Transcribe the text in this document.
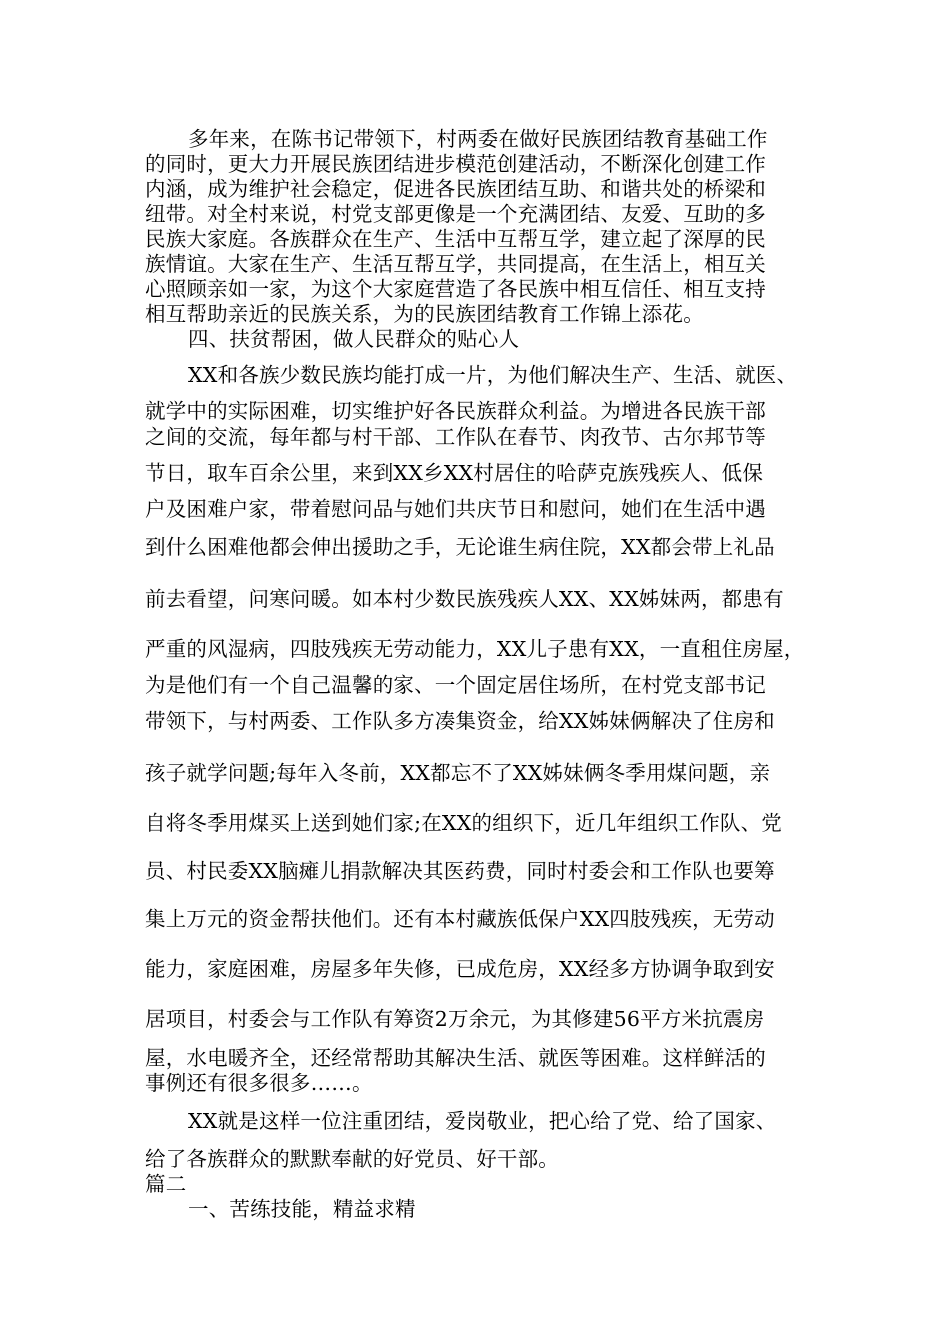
多年来，在陈书记带领下，村两委在做好民族团结教育基础工作
的同时，更大力开展民族团结进步模范创建活动，不断深化创建工作
内涵，成为维护社会稳定，促进各民族团结互助、和谐共处的桥梁和
纽带。对全村来说，村党支部更像是一个充满团结、友爱、互助的多
民族大家庭。各族群众在生产、生活中互帮互学，建立起了深厚的民
族情谊。大家在生产、生活互帮互学，共同提高，在生活上，相互关
心照顾亲如一家，为这个大家庭营造了各民族中相互信任、相互支持
相互帮助亲近的民族关系，为的民族团结教育工作锦上添花。
四、扶贫帮困，做人民群众的贴心人
XX和各族少数民族均能打成一片，为他们解决生产、生活、就医、
就学中的实际困难，切实维护好各民族群众利益。为增进各民族干部
之间的交流，每年都与村干部、工作队在春节、肉孜节、古尔邦节等
节日，取车百余公里，来到XX乡XX村居住的哈萨克族残疾人、低保
户及困难户家，带着慰问品与她们共庆节日和慰问，她们在生活中遇
到什么困难他都会伸出援助之手，无论谁生病住院，XX都会带上礼品
前去看望，问寒问暖。如本村少数民族残疾人XX、XX姊妹两，都患有
严重的风湿病，四肢残疾无劳动能力，XX儿子患有XX，一直租住房屋，
为是他们有一个自己温馨的家、一个固定居住场所，在村党支部书记
带领下，与村两委、工作队多方凑集资金，给XX姊妹俩解决了住房和
孩子就学问题;每年入冬前，XX都忘不了XX姊妹俩冬季用煤问题，亲
自将冬季用煤买上送到她们家;在XX的组织下，近几年组织工作队、党
员、村民委XX脑瘫儿捐款解决其医药费，同时村委会和工作队也要筹
集上万元的资金帮扶他们。还有本村藏族低保户XX四肢残疾，无劳动
能力，家庭困难，房屋多年失修，已成危房，XX经多方协调争取到安
居项目，村委会与工作队有筹资2万余元，为其修建56平方米抗震房
屋，水电暖齐全，还经常帮助其解决生活、就医等困难。这样鲜活的
事例还有很多很多……。
XX就是这样一位注重团结，爱岗敬业，把心给了党、给了国家、
给了各族群众的默默奉献的好党员、好干部。
篇二
一、苦练技能，精益求精
